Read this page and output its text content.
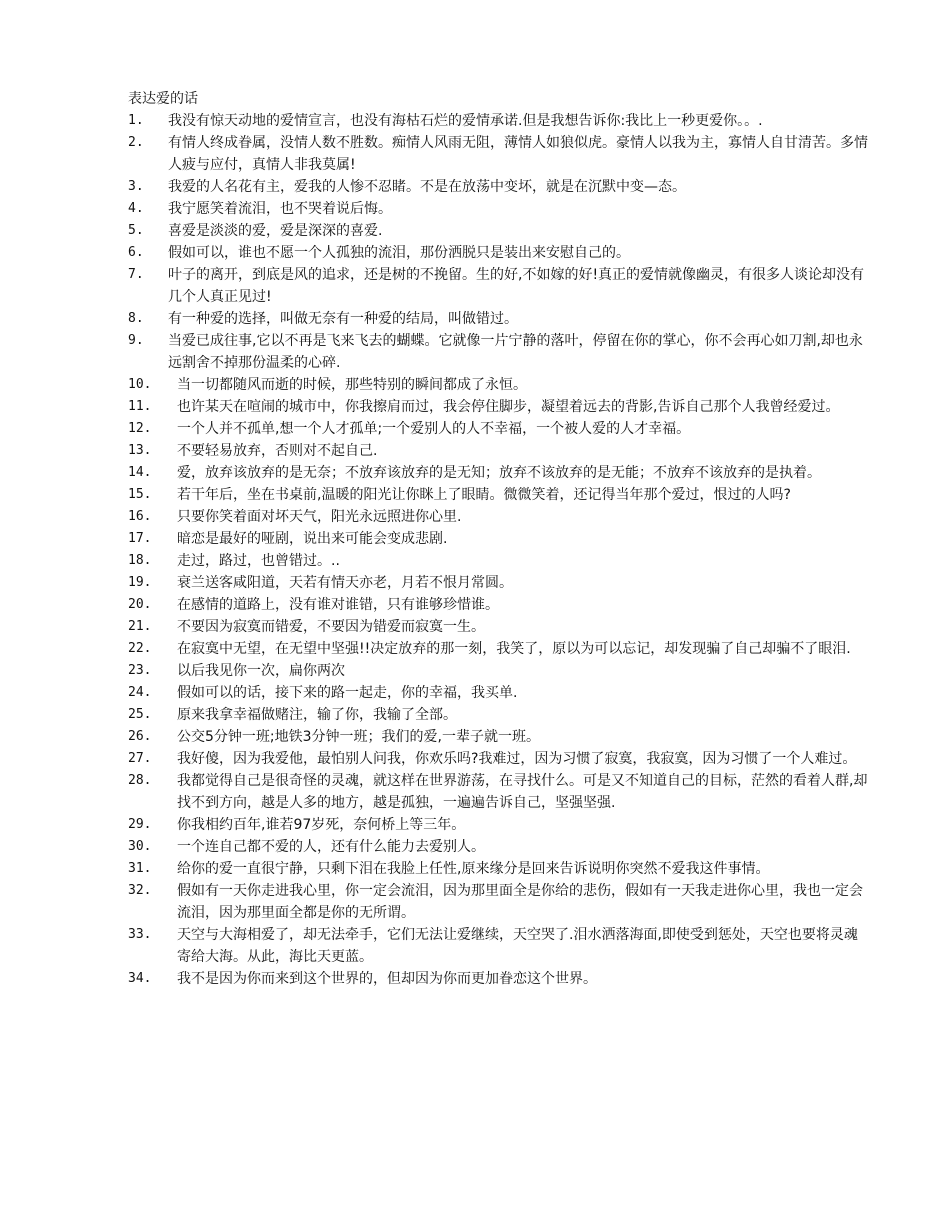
表达爱的话
1.	我没有惊天动地的爱情宣言，也没有海枯石烂的爱情承诺.但是我想告诉你:我比上一秒更爱你。。.

2.	有情人终成眷属，没情人数不胜数。痴情人风雨无阻，薄情人如狼似虎。豪情人以我为主，寡情人自甘清苦。多情人疲与应付，真情人非我莫属!

3.	我爱的人名花有主，爱我的人惨不忍睹。不是在放荡中变坏，就是在沉默中变—态。

4.	我宁愿笑着流泪，也不哭着说后悔。

5.	喜爱是淡淡的爱，爱是深深的喜爱.

6.	假如可以，谁也不愿一个人孤独的流泪，那份洒脱只是装出来安慰自己的。

7.	叶子的离开，到底是风的追求，还是树的不挽留。生的好,不如嫁的好!真正的爱情就像幽灵，有很多人谈论却没有几个人真正见过!

8.	有一种爱的选择，叫做无奈有一种爱的结局，叫做错过。

9.	当爱已成往事,它以不再是飞来飞去的蝴蝶。它就像一片宁静的落叶，停留在你的掌心，你不会再心如刀割,却也永远割舍不掉那份温柔的心碎.

10.	当一切都随风而逝的时候，那些特别的瞬间都成了永恒。

11.	也许某天在喧闹的城市中，你我擦肩而过，我会停住脚步，凝望着远去的背影,告诉自己那个人我曾经爱过。

12.	一个人并不孤单,想一个人才孤单;一个爱别人的人不幸福，一个被人爱的人才幸福。

13.	不要轻易放弃，否则对不起自己.

14.	爱，放弃该放弃的是无奈；不放弃该放弃的是无知；放弃不该放弃的是无能；不放弃不该放弃的是执着。

15.	若干年后，坐在书桌前,温暖的阳光让你眯上了眼睛。微微笑着，还记得当年那个爱过，恨过的人吗?

16.	只要你笑着面对坏天气，阳光永远照进你心里.

17.	暗恋是最好的哑剧，说出来可能会变成悲剧.

18.	走过，路过，也曾错过。..

19.	衰兰送客咸阳道，天若有情天亦老，月若不恨月常圆。

20.	在感情的道路上，没有谁对谁错，只有谁够珍惜谁。

21.	不要因为寂寞而错爱，不要因为错爱而寂寞一生。

22.	在寂寞中无望，在无望中坚强!!决定放弃的那一刻，我笑了，原以为可以忘记，却发现骗了自己却骗不了眼泪.

23.	以后我见你一次，扁你两次

24.	假如可以的话，接下来的路一起走，你的幸福，我买单.

25.	原来我拿幸福做赌注，输了你，我输了全部。

26.	公交5分钟一班;地铁3分钟一班；我们的爱,一辈子就一班。

27.	我好傻，因为我爱他，最怕别人问我，你欢乐吗?我难过，因为习惯了寂寞，我寂寞，因为习惯了一个人难过。

28.	我都觉得自己是很奇怪的灵魂，就这样在世界游荡，在寻找什么。可是又不知道自己的目标，茫然的看着人群,却找不到方向，越是人多的地方，越是孤独，一遍遍告诉自己，坚强坚强.

29.	你我相约百年,谁若97岁死，奈何桥上等三年。

30.	一个连自己都不爱的人，还有什么能力去爱别人。

31.	给你的爱一直很宁静，只剩下泪在我脸上任性,原来缘分是回来告诉说明你突然不爱我这件事情。

32.	假如有一天你走进我心里，你一定会流泪，因为那里面全是你给的悲伤，假如有一天我走进你心里，我也一定会流泪，因为那里面全都是你的无所谓。

33.	天空与大海相爱了，却无法牵手，它们无法让爱继续，天空哭了.泪水洒落海面,即使受到惩处，天空也要将灵魂寄给大海。从此，海比天更蓝。

34.	我不是因为你而来到这个世界的，但却因为你而更加眷恋这个世界。
